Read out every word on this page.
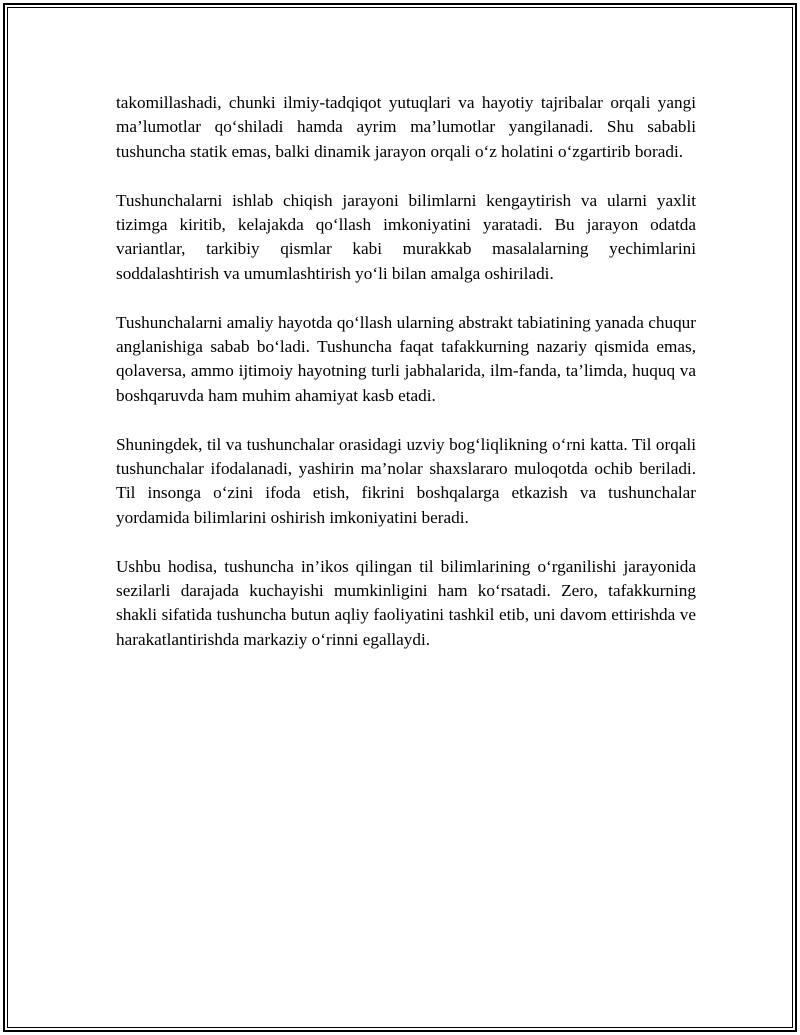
takomillashadi, chunki ilmiy-tadqiqot yutuqlari va hayotiy tajribalar orqali yangi ma’lumotlar qo‘shiladi hamda ayrim ma’lumotlar yangilanadi. Shu sababli tushuncha statik emas, balki dinamik jarayon orqali o‘z holatini o‘zgartirib boradi.

Tushunchalarni ishlab chiqish jarayoni bilimlarni kengaytirish va ularni yaxlit tizimga kiritib, kelajakda qo‘llash imkoniyatini yaratadi. Bu jarayon odatda variantlar, tarkibiy qismlar kabi murakkab masalalarning yechimlarini soddalashtirish va umumlashtirish yo‘li bilan amalga oshiriladi.

Tushunchalarni amaliy hayotda qo‘llash ularning abstrakt tabiatining yanada chuqur anglanishiga sabab bo‘ladi. Tushuncha faqat tafakkurning nazariy qismida emas, qolaversa, ammo ijtimoiy hayotning turli jabhalarida, ilm-fanda, ta’limda, huquq va boshqaruvda ham muhim ahamiyat kasb etadi.

Shuningdek, til va tushunchalar orasidagi uzviy bog‘liqlikning o‘rni katta. Til orqali tushunchalar ifodalanadi, yashirin ma’nolar shaxslararo muloqotda ochib beriladi. Til insonga o‘zini ifoda etish, fikrini boshqalarga etkazish va tushunchalar yordamida bilimlarini oshirish imkoniyatini beradi.

Ushbu hodisa, tushuncha in’ikos qilingan til bilimlarining o‘rganilishi jarayonida sezilarli darajada kuchayishi mumkinligini ham ko‘rsatadi. Zero, tafakkurning shakli sifatida tushuncha butun aqliy faoliyatini tashkil etib, uni davom ettirishda ve harakatlantirishda markaziy o‘rinni egallaydi.
